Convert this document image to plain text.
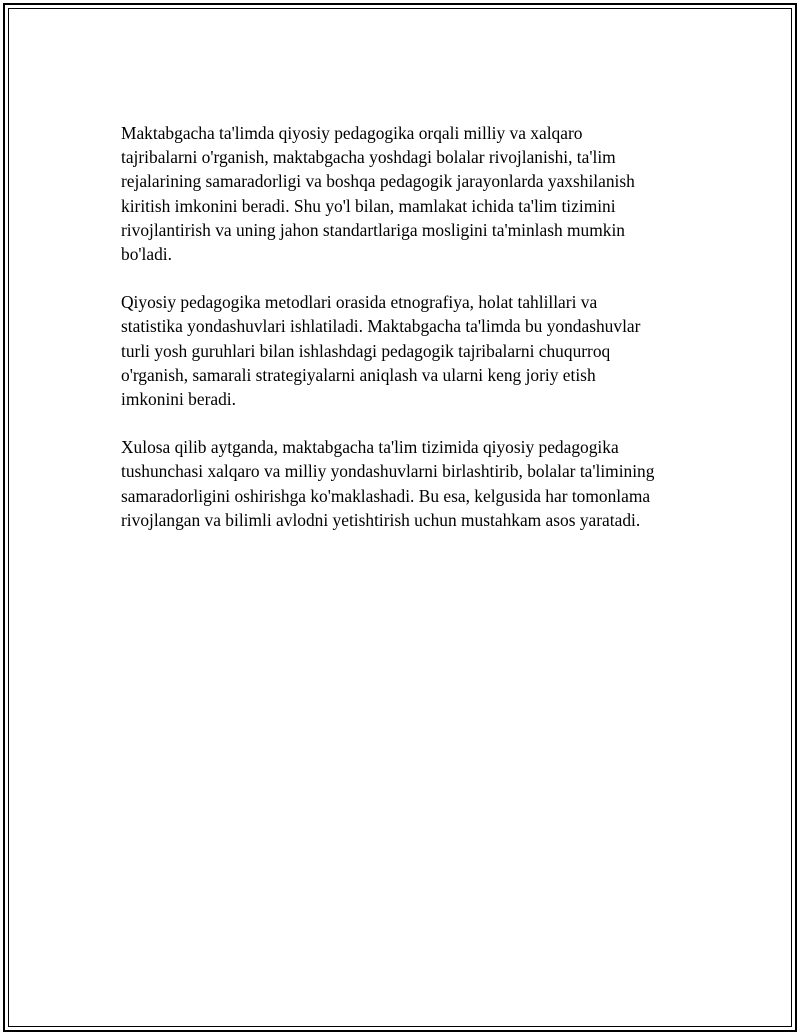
Maktabgacha ta'limda qiyosiy pedagogika orqali milliy va xalqaro
tajribalarni o'rganish, maktabgacha yoshdagi bolalar rivojlanishi, ta'lim
rejalarining samaradorligi va boshqa pedagogik jarayonlarda yaxshilanish
kiritish imkonini beradi. Shu yo'l bilan, mamlakat ichida ta'lim tizimini
rivojlantirish va uning jahon standartlariga mosligini ta'minlash mumkin
bo'ladi.

Qiyosiy pedagogika metodlari orasida etnografiya, holat tahlillari va
statistika yondashuvlari ishlatiladi. Maktabgacha ta'limda bu yondashuvlar
turli yosh guruhlari bilan ishlashdagi pedagogik tajribalarni chuqurroq
o'rganish, samarali strategiyalarni aniqlash va ularni keng joriy etish
imkonini beradi.

Xulosa qilib aytganda, maktabgacha ta'lim tizimida qiyosiy pedagogika
tushunchasi xalqaro va milliy yondashuvlarni birlashtirib, bolalar ta'limining
samaradorligini oshirishga ko'maklashadi. Bu esa, kelgusida har tomonlama
rivojlangan va bilimli avlodni yetishtirish uchun mustahkam asos yaratadi.
